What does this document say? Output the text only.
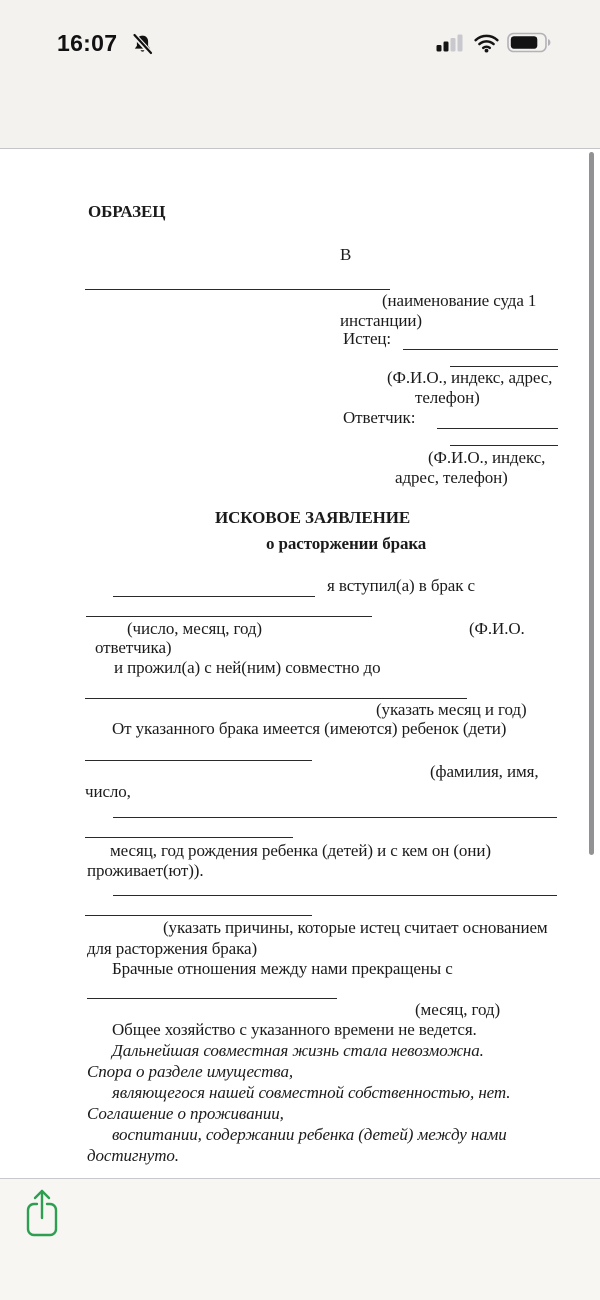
16:07
ОБРАЗЕЦ
В
(наименование суда 1
инстанции)
Истец:
(Ф.И.О., индекс, адрес,
телефон)
Ответчик:
(Ф.И.О., индекс,
адрес, телефон)
ИСКОВОЕ ЗАЯВЛЕНИЕ
о расторжении брака
я вступил(а) в брак с
(число, месяц, год)	(Ф.И.О.
ответчика)
и прожил(а) с ней(ним) совместно до
(указать месяц и год)
От указанного брака имеется (имеются) ребенок (дети)
(фамилия, имя,
число,
месяц, год рождения ребенка (детей) и с кем он (они)
проживает(ют)).
(указать причины, которые истец считает основанием
для расторжения брака)
Брачные отношения между нами прекращены с
(месяц, год)
Общее хозяйство с указанного времени не ведется.
Дальнейшая совместная жизнь стала невозможна.
Спора о разделе имущества,
являющегося нашей совместной собственностью, нет.
Соглашение о проживании,
воспитании, содержании ребенка (детей) между нами
достигнуто.
